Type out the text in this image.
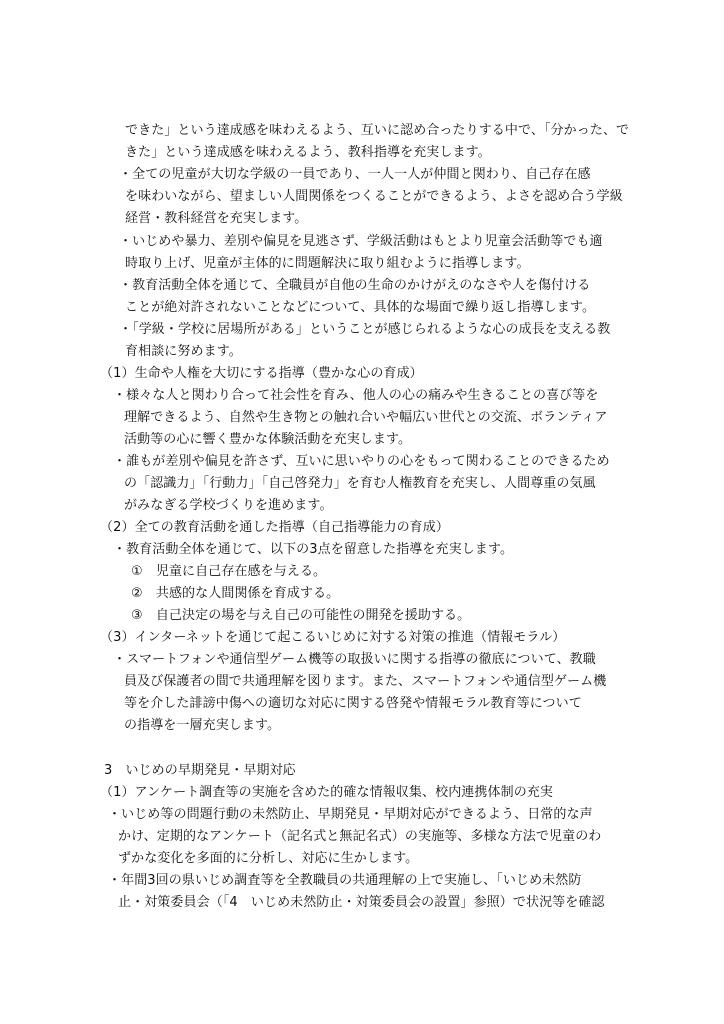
できた」という達成感を味わえるよう、互いに認め合ったりする中で、「分かった、で
きた」という達成感を味わえるよう、教科指導を充実します。
・全ての児童が大切な学級の一員であり、一人一人が仲間と関わり、自己存在感
を味わいながら、望ましい人間関係をつくることができるよう、よさを認め合う学級
経営・教科経営を充実します。
・いじめや暴力、差別や偏見を見逃さず、学級活動はもとより児童会活動等でも適
時取り上げ、児童が主体的に問題解決に取り組むように指導します。
・教育活動全体を通じて、全職員が自他の生命のかけがえのなさや人を傷付ける
ことが絶対許されないことなどについて、具体的な場面で繰り返し指導します。
・「学級・学校に居場所がある」ということが感じられるような心の成長を支える教
育相談に努めます。
（1）生命や人権を大切にする指導（豊かな心の育成）
・様々な人と関わり合って社会性を育み、他人の心の痛みや生きることの喜び等を
理解できるよう、自然や生き物との触れ合いや幅広い世代との交流、ボランティア
活動等の心に響く豊かな体験活動を充実します。
・誰もが差別や偏見を許さず、互いに思いやりの心をもって関わることのできるため
の「認識力」「行動力」「自己啓発力」を育む人権教育を充実し、人間尊重の気風
がみなぎる学校づくりを進めます。
（2）全ての教育活動を通した指導（自己指導能力の育成）
・教育活動全体を通じて、以下の3点を留意した指導を充実します。
①　児童に自己存在感を与える。
②　共感的な人間関係を育成する。
③　自己決定の場を与え自己の可能性の開発を援助する。
（3）インターネットを通じて起こるいじめに対する対策の推進（情報モラル）
・スマートフォンや通信型ゲーム機等の取扱いに関する指導の徹底について、教職
員及び保護者の間で共通理解を図ります。また、スマートフォンや通信型ゲーム機
等を介した誹謗中傷への適切な対応に関する啓発や情報モラル教育等について
の指導を一層充実します。
3　いじめの早期発見・早期対応
（1）アンケート調査等の実施を含めた的確な情報収集、校内連携体制の充実
・いじめ等の問題行動の未然防止、早期発見・早期対応ができるよう、日常的な声
かけ、定期的なアンケート（記名式と無記名式）の実施等、多様な方法で児童のわ
ずかな変化を多面的に分析し、対応に生かします。
・年間3回の県いじめ調査等を全教職員の共通理解の上で実施し、「いじめ未然防
止・対策委員会（「4　いじめ未然防止・対策委員会の設置」参照）で状況等を確認
